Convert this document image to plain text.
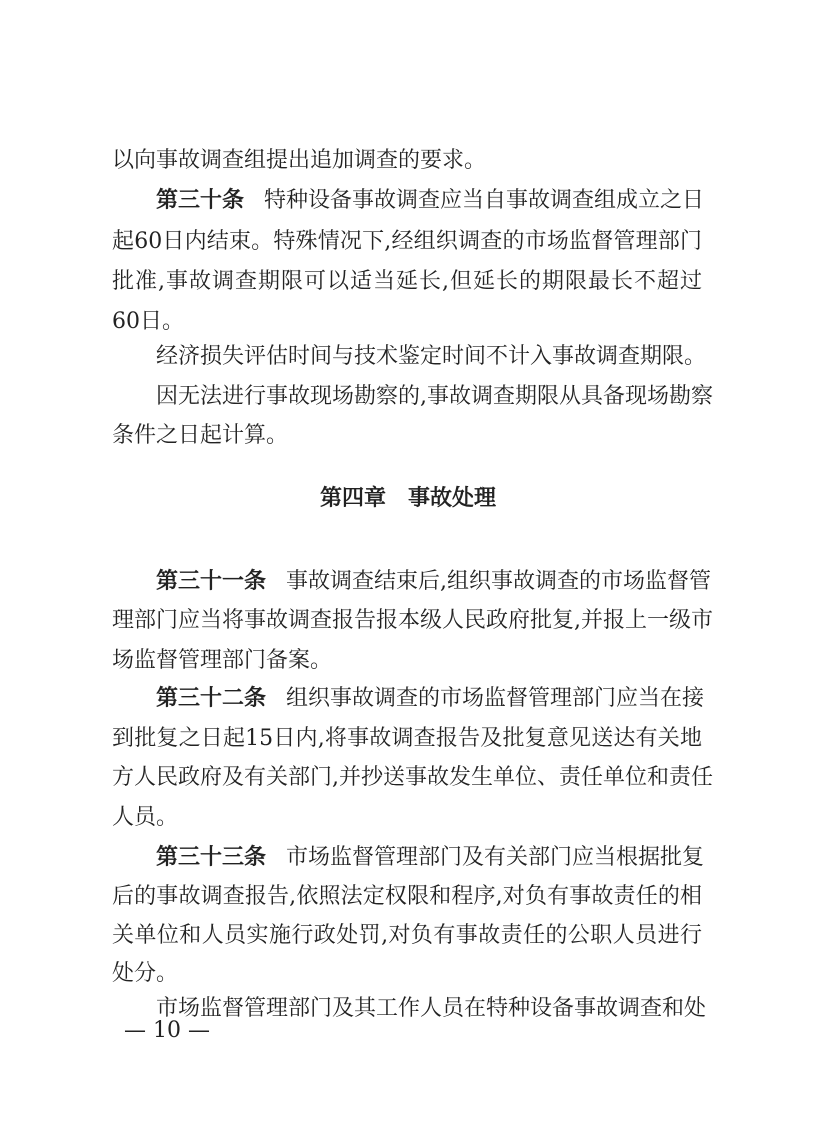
以向事故调查组提出追加调查的要求。
第三十条 特种设备事故调查应当自事故调查组成立之日
起60日内结束。特殊情况下,经组织调查的市场监督管理部门
批准,事故调查期限可以适当延长,但延长的期限最长不超过
60日。
经济损失评估时间与技术鉴定时间不计入事故调查期限。
因无法进行事故现场勘察的,事故调查期限从具备现场勘察
条件之日起计算。
第四章　事故处理
第三十一条 事故调查结束后,组织事故调查的市场监督管
理部门应当将事故调查报告报本级人民政府批复,并报上一级市
场监督管理部门备案。
第三十二条 组织事故调查的市场监督管理部门应当在接
到批复之日起15日内,将事故调查报告及批复意见送达有关地
方人民政府及有关部门,并抄送事故发生单位、责任单位和责任
人员。
第三十三条 市场监督管理部门及有关部门应当根据批复
后的事故调查报告,依照法定权限和程序,对负有事故责任的相
关单位和人员实施行政处罚,对负有事故责任的公职人员进行
处分。
市场监督管理部门及其工作人员在特种设备事故调查和处
— 10 —
